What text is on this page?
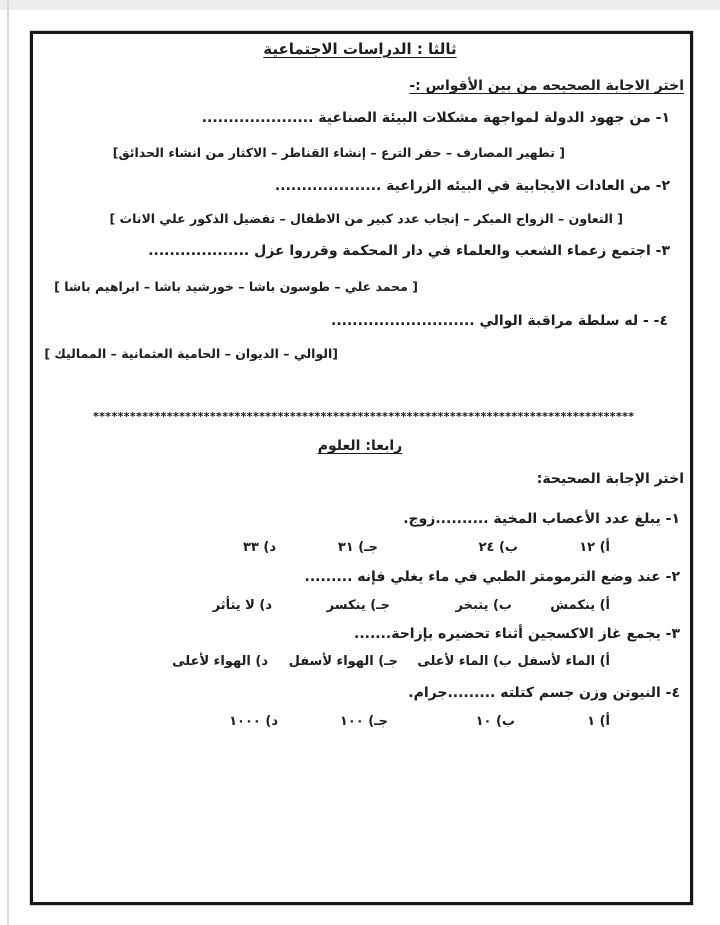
ثالثا : الدراسات الاجتماعية
اختر الاجابة الصحيحه من بين الأقواس :-
١- من جهود الدولة لمواجهة مشكلات البيئة الصناعية .....................
[ تطهير المصارف – حفر الترع – إنشاء القناطر – الاكثار من انشاء الحدائق]
٢- من العادات الايجابية في البيئه الزراعية ....................
[ التعاون – الزواج المبكر – إنجاب عدد كبير من الاطفال – تفضيل الذكور علي الاناث ]
٣- اجتمع زعماء الشعب والعلماء في دار المحكمة وقرروا عزل ...................
[ محمد علي – طوسون باشا – خورشيد باشا – ابراهيم باشا ]
٤- - له سلطة مراقبة الوالي ...........................
[الوالي – الديوان – الحامية العثمانية – المماليك ]
****************************************************************************************
رابعا: العلوم
اختر الإجابة الصحيحة:
١- يبلغ عدد الأعصاب المخية ..........زوج.
أ) ١٢
ب) ٢٤
جـ) ٣١
د) ٣٣
٢- عند وضع الترمومتر الطبي في ماء يغلي فإنه .........
أ) ينكمش
ب) يتبخر
جـ) ينكسر
د) لا يتأثر
٣- يجمع غاز الاكسجين أثناء تحضيره بإزاحة.......
أ) الماء لأسفل
ب) الماء لأعلى
جـ) الهواء لأسفل
د) الهواء لأعلى
٤- النيوتن وزن جسم كتلته .........جرام.
أ) ١
ب) ١٠
جـ) ١٠٠
د) ١٠٠٠
